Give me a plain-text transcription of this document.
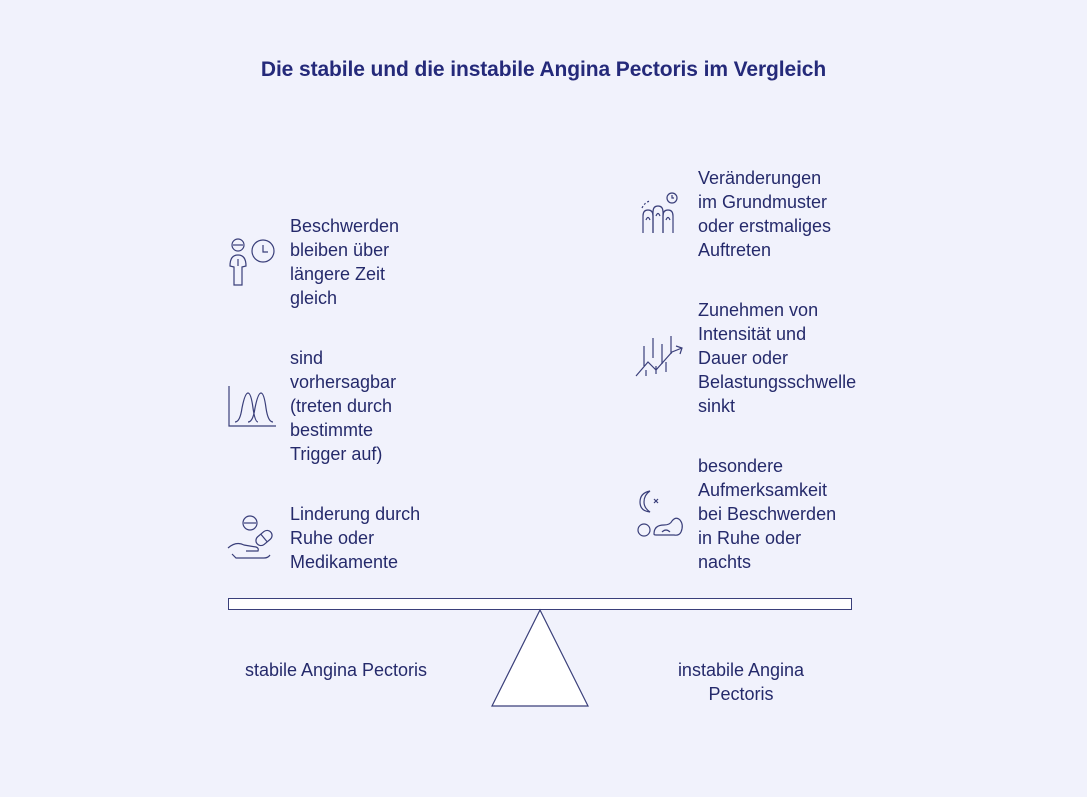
Die stabile und die instabile Angina Pectoris im Vergleich
Beschwerden
bleiben über
längere Zeit
gleich
sind
vorhersagbar
(treten durch
bestimmte
Trigger auf)
Linderung durch
Ruhe oder
Medikamente
Veränderungen
im Grundmuster
oder erstmaliges
Auftreten
Zunehmen von
Intensität und
Dauer oder
Belastungsschwelle
sinkt
besondere
Aufmerksamkeit
bei Beschwerden
in Ruhe oder
nachts
stabile Angina Pectoris	instabile Angina
Pectoris
